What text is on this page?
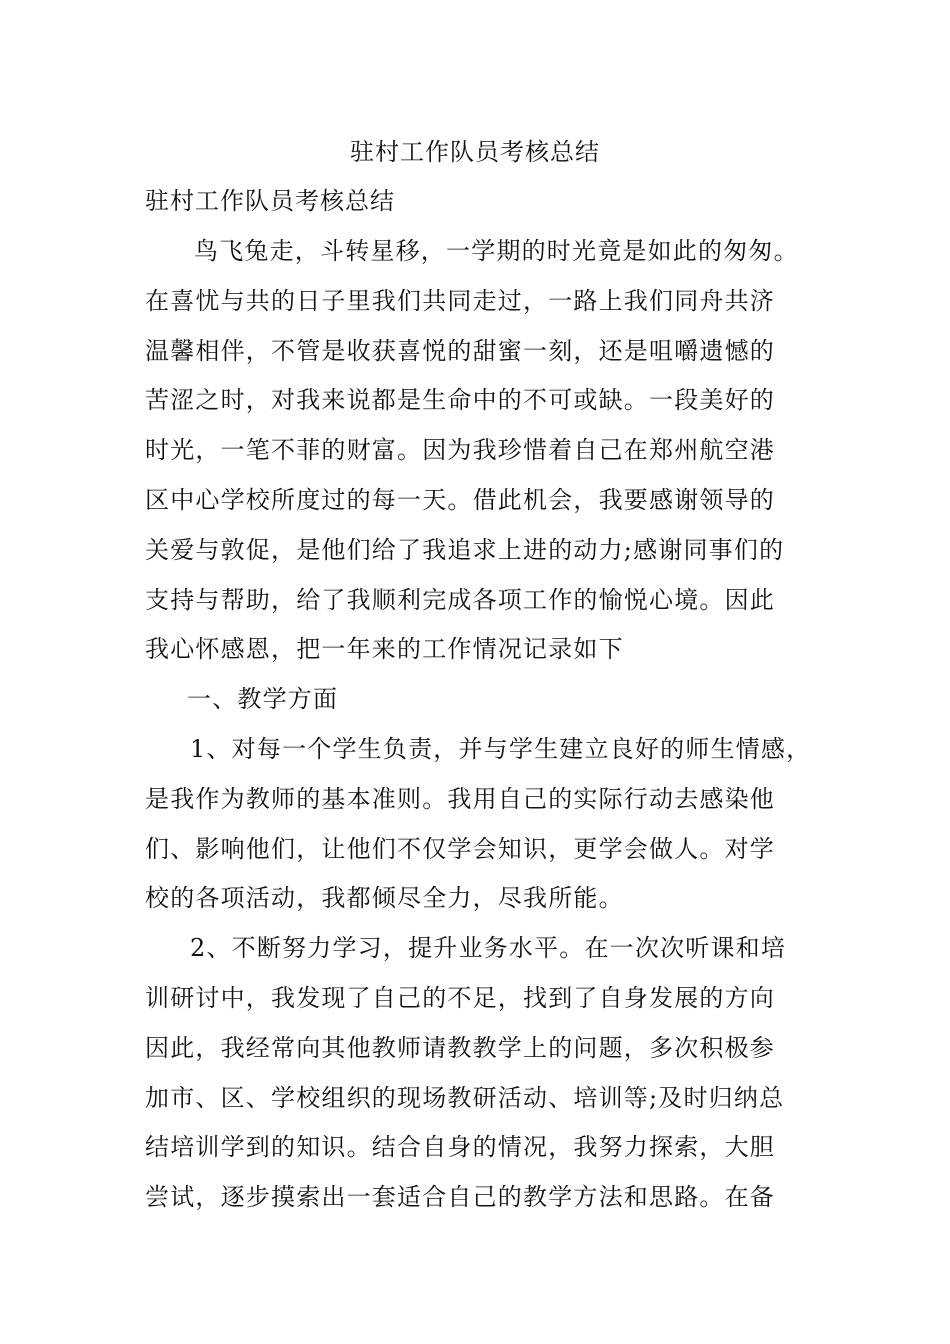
驻村工作队员考核总结
驻村工作队员考核总结
鸟飞兔走，斗转星移，一学期的时光竟是如此的匆匆。
在喜忧与共的日子里我们共同走过，一路上我们同舟共济
温馨相伴，不管是收获喜悦的甜蜜一刻，还是咀嚼遗憾的
苦涩之时，对我来说都是生命中的不可或缺。一段美好的
时光，一笔不菲的财富。因为我珍惜着自己在郑州航空港
区中心学校所度过的每一天。借此机会，我要感谢领导的
关爱与敦促，是他们给了我追求上进的动力;感谢同事们的
支持与帮助，给了我顺利完成各项工作的愉悦心境。因此
我心怀感恩，把一年来的工作情况记录如下
一、教学方面
1、对每一个学生负责，并与学生建立良好的师生情感，
是我作为教师的基本准则。我用自己的实际行动去感染他
们、影响他们，让他们不仅学会知识，更学会做人。对学
校的各项活动，我都倾尽全力，尽我所能。
2、不断努力学习，提升业务水平。在一次次听课和培
训研讨中，我发现了自己的不足，找到了自身发展的方向
因此，我经常向其他教师请教教学上的问题，多次积极参
加市、区、学校组织的现场教研活动、培训等;及时归纳总
结培训学到的知识。结合自身的情况，我努力探索，大胆
尝试，逐步摸索出一套适合自己的教学方法和思路。在备
